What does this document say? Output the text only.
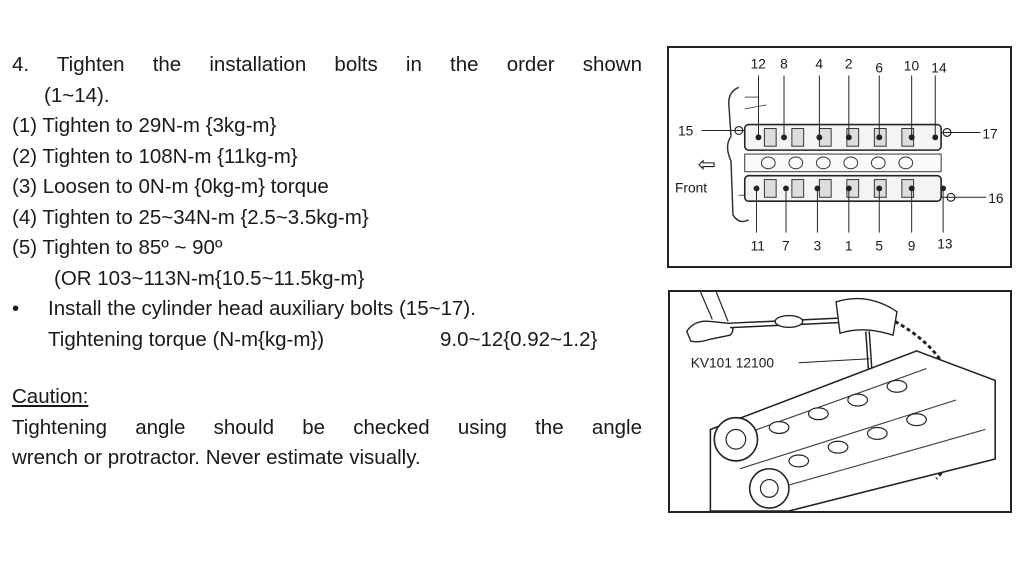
4. Tighten the installation bolts in the order shown
(1~14).
(1) Tighten to 29N-m {3kg-m}
(2) Tighten to 108N-m {11kg-m}
(3) Loosen to 0N-m {0kg-m} torque
(4) Tighten to 25~34N-m {2.5~3.5kg-m}
(5) Tighten to 85º ~ 90º
(OR 103~113N-m{10.5~11.5kg-m}
•	Install the cylinder head auxiliary bolts (15~17).
Tightening torque (N-m{kg-m})	9.0~12{0.92~1.2}
Caution:
Tightening angle should be checked using the angle
wrench or protractor. Never estimate visually.
12 8 4 2 6 10 14
11 7 3 1 5 9 13
15	17
16
⇦
Front
KV101 12100
